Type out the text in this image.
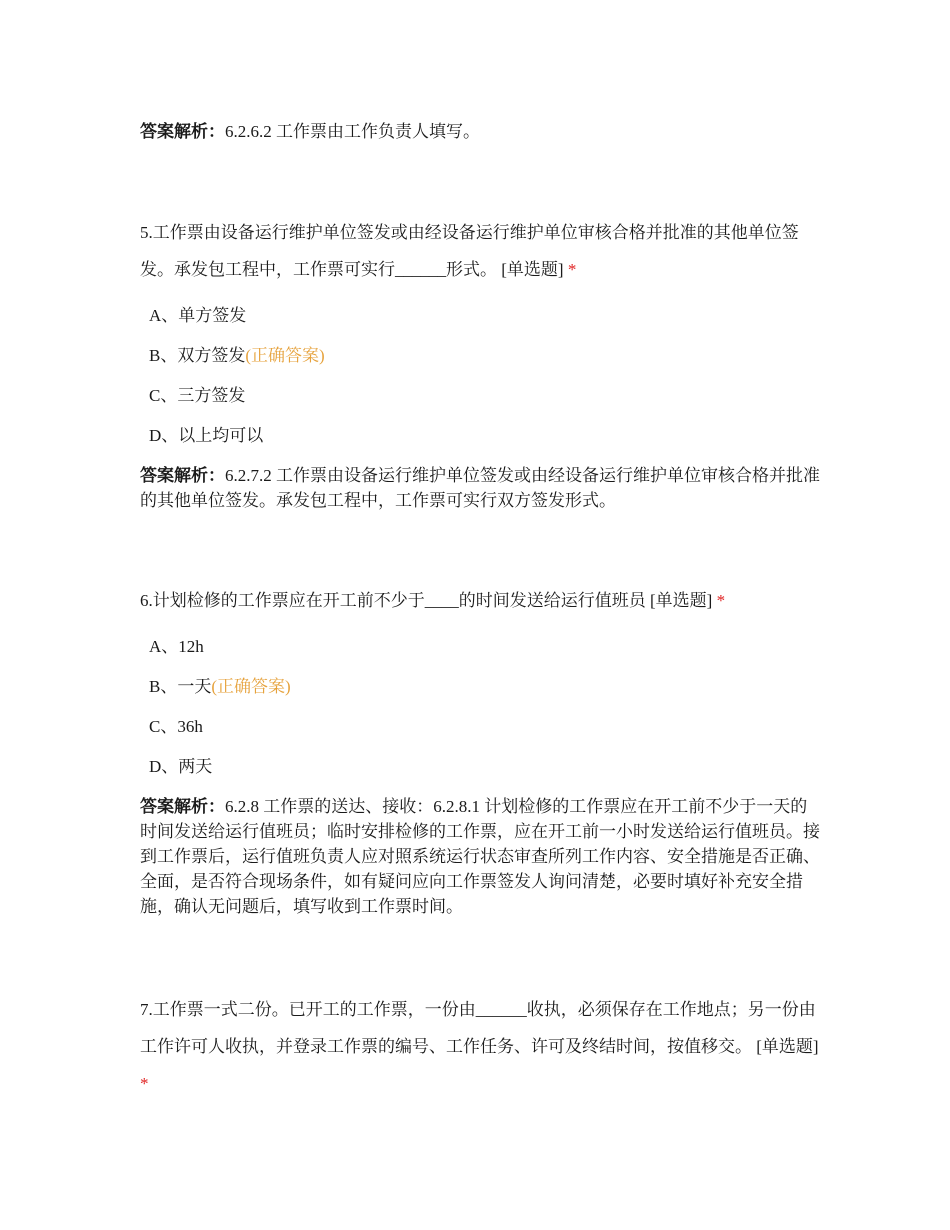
答案解析：6.2.6.2 工作票由工作负责人填写。
5.工作票由设备运行维护单位签发或由经设备运行维护单位审核合格并批准的其他单位签发。承发包工程中，工作票可实行______形式。 [单选题] *
A、单方签发
B、双方签发(正确答案)
C、三方签发
D、以上均可以
答案解析：6.2.7.2 工作票由设备运行维护单位签发或由经设备运行维护单位审核合格并批准的其他单位签发。承发包工程中，工作票可实行双方签发形式。
6.计划检修的工作票应在开工前不少于____的时间发送给运行值班员 [单选题] *
A、12h
B、一天(正确答案)
C、36h
D、两天
答案解析：6.2.8 工作票的送达、接收：6.2.8.1 计划检修的工作票应在开工前不少于一天的时间发送给运行值班员；临时安排检修的工作票，应在开工前一小时发送给运行值班员。接到工作票后，运行值班负责人应对照系统运行状态审查所列工作内容、安全措施是否正确、全面，是否符合现场条件，如有疑问应向工作票签发人询问清楚，必要时填好补充安全措施，确认无问题后，填写收到工作票时间。
7.工作票一式二份。已开工的工作票，一份由______收执，必须保存在工作地点；另一份由工作许可人收执，并登录工作票的编号、工作任务、许可及终结时间，按值移交。 [单选题] *
